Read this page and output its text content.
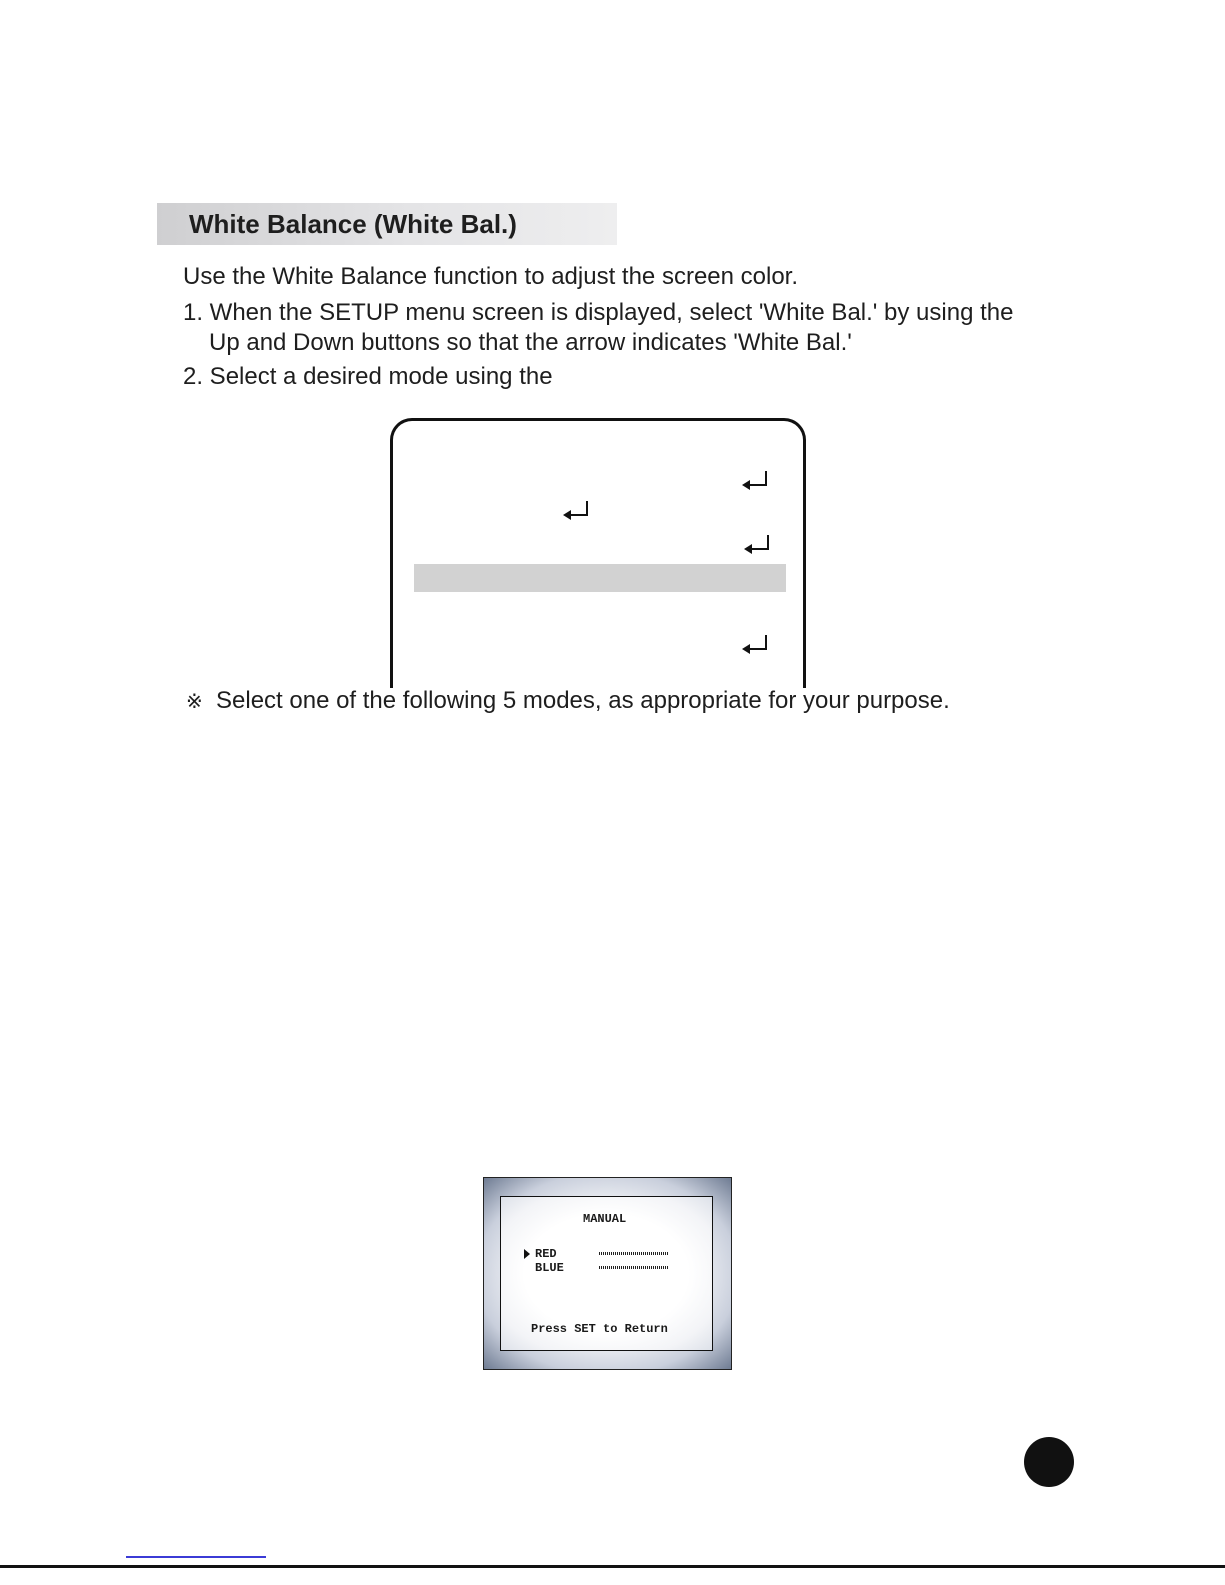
White Balance (White Bal.)
Use the White Balance function to adjust the screen color.
1. When the SETUP menu screen is displayed, select 'White Bal.' by using the
Up and Down buttons so that the arrow indicates 'White Bal.'
2. Select a desired mode using the
※ Select one of the following 5 modes, as appropriate for your purpose.
MANUAL
RED
BLUE
Press SET to Return
